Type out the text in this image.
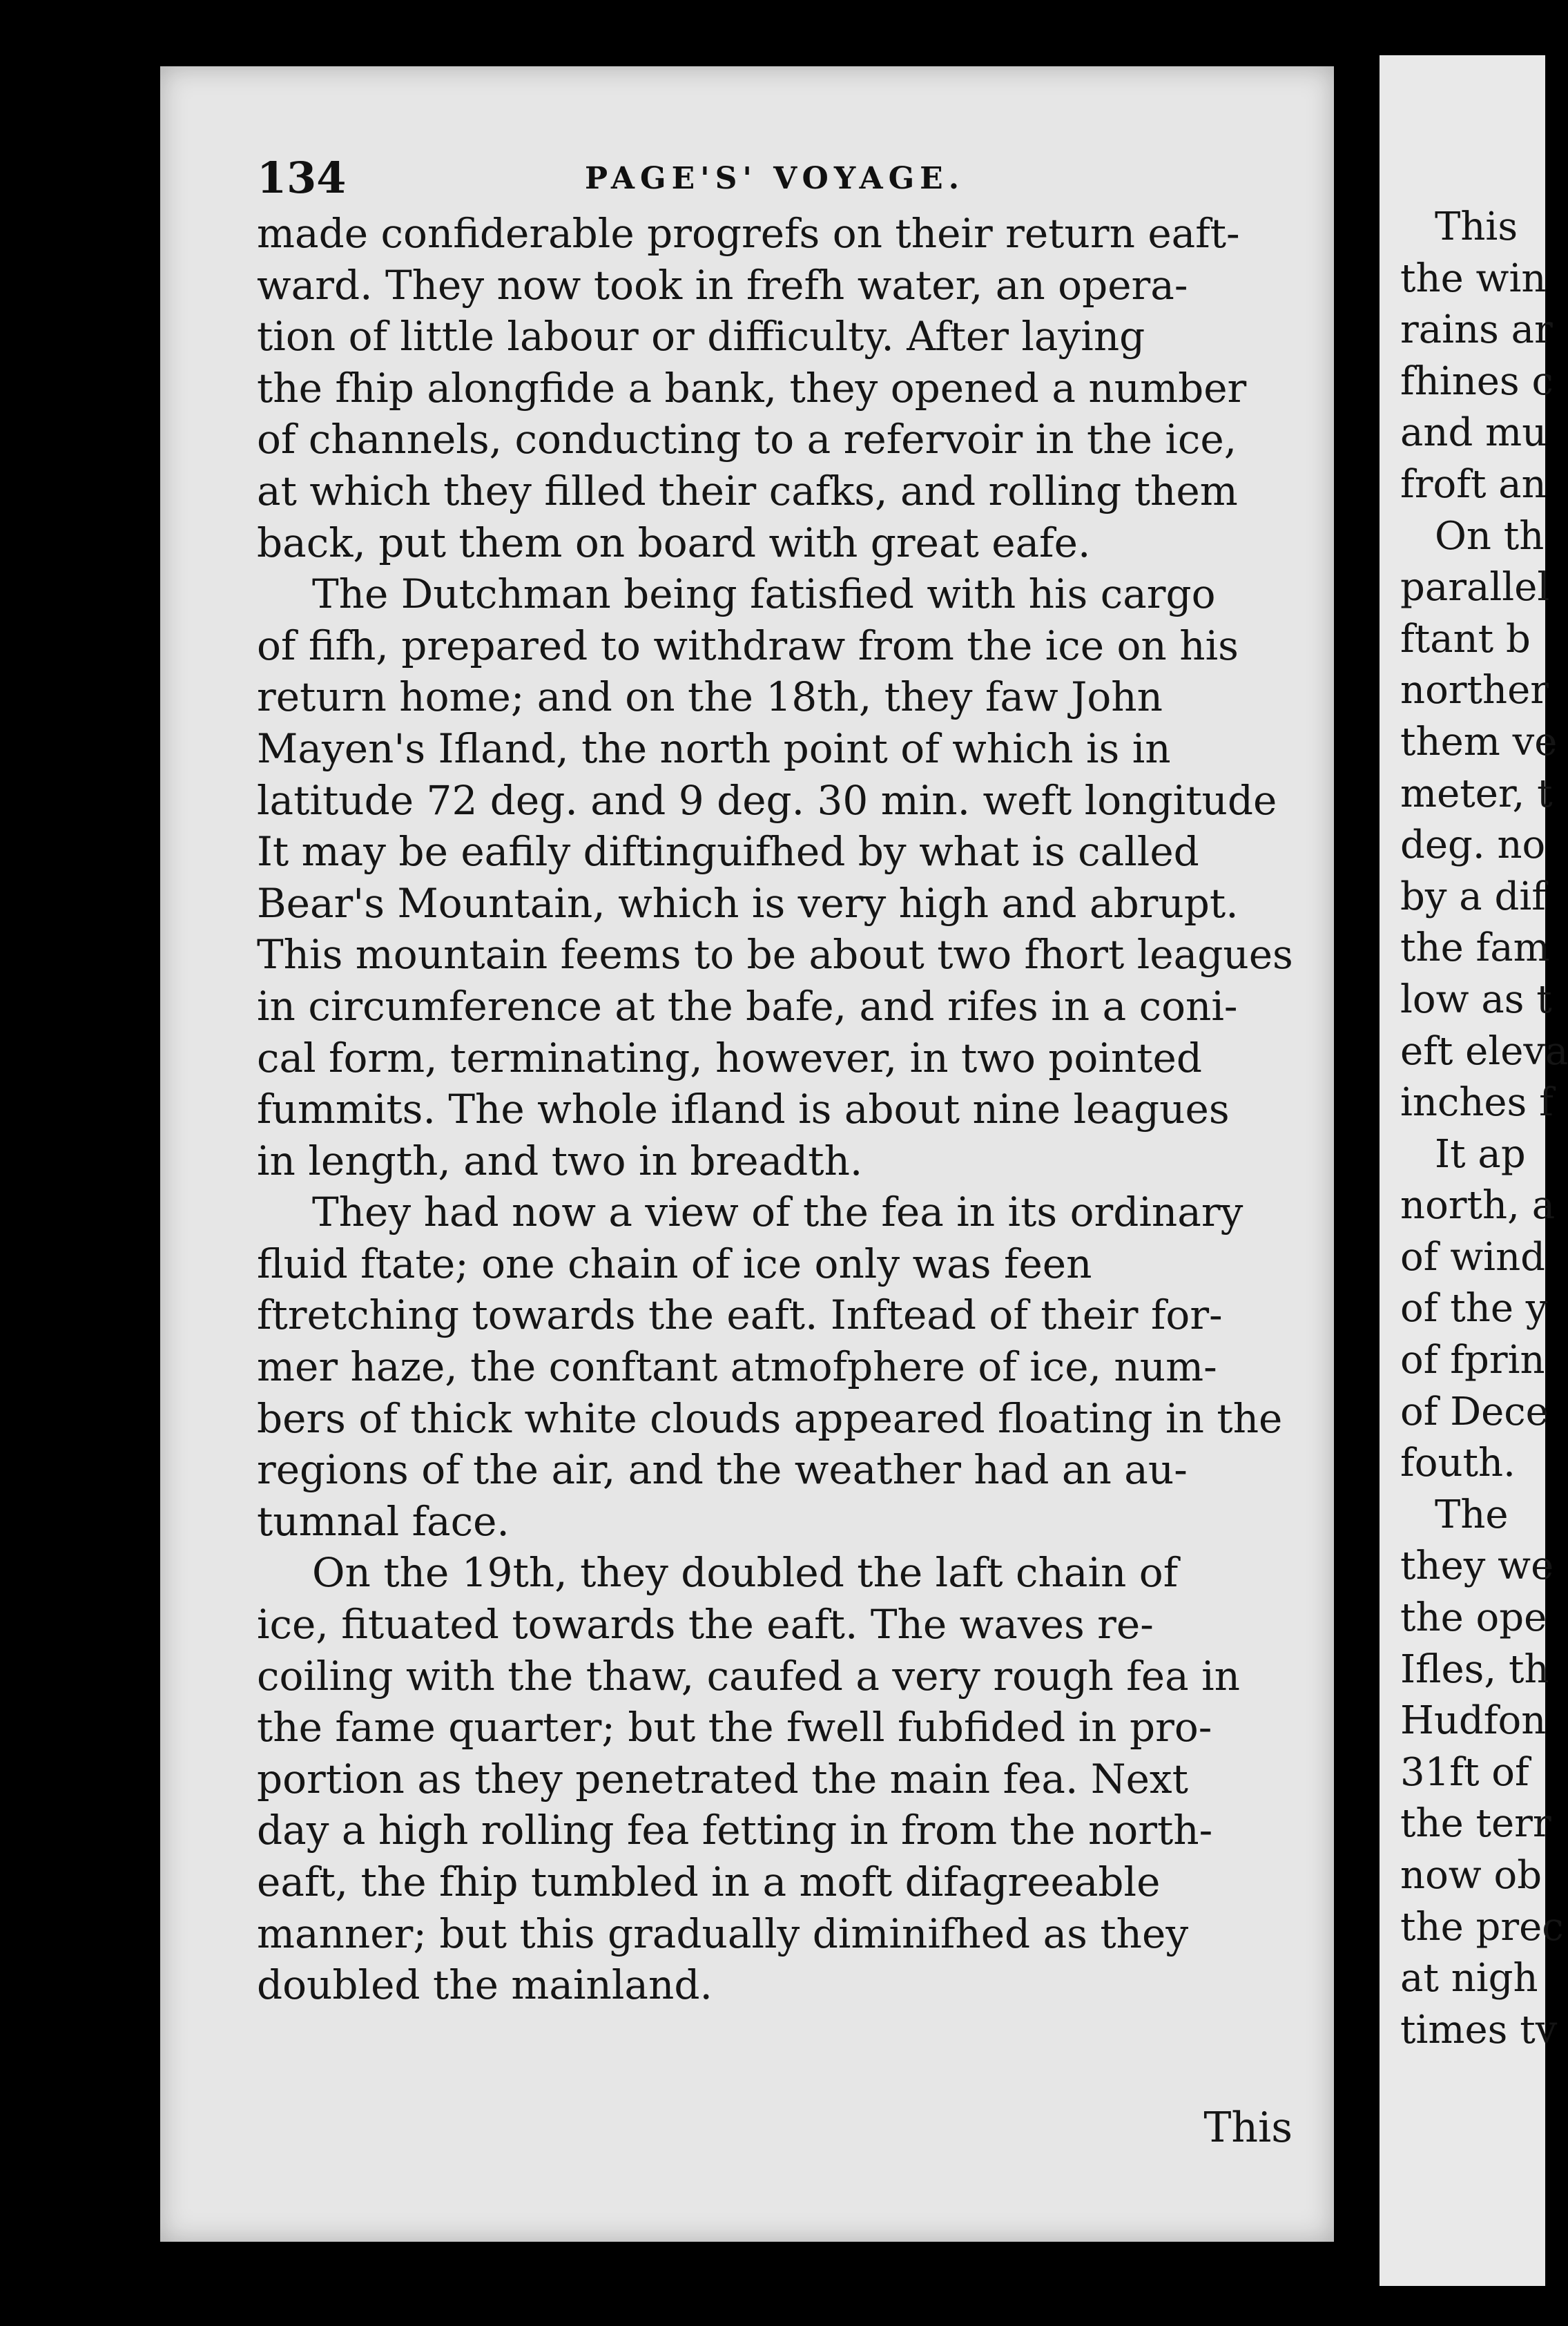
134	PAGE'S' VOYAGE.
made confiderable progrefs on their return eaft-
ward. They now took in frefh water, an opera-
tion of little labour or difficulty. After laying
the fhip alongfide a bank, they opened a number
of channels, conducting to a refervoir in the ice,
at which they filled their cafks, and rolling them
back, put them on board with great eafe.
The Dutchman being fatisfied with his cargo
of fifh, prepared to withdraw from the ice on his
return home; and on the 18th, they faw John
Mayen's Ifland, the north point of which is in
latitude 72 deg. and 9 deg. 30 min. weft longitude
It may be eafily diftinguifhed by what is called
Bear's Mountain, which is very high and abrupt.
This mountain feems to be about two fhort leagues
in circumference at the bafe, and rifes in a coni-
cal form, terminating, however, in two pointed
fummits. The whole ifland is about nine leagues
in length, and two in breadth.
They had now a view of the fea in its ordinary
fluid ftate; one chain of ice only was feen
ftretching towards the eaft. Inftead of their for-
mer haze, the conftant atmofphere of ice, num-
bers of thick white clouds appeared floating in the
regions of the air, and the weather had an au-
tumnal face.
On the 19th, they doubled the laft chain of
ice, fituated towards the eaft. The waves re-
coiling with the thaw, caufed a very rough fea in
the fame quarter; but the fwell fubfided in pro-
portion as they penetrated the main fea. Next
day a high rolling fea fetting in from the north-
eaft, the fhip tumbled in a moft difagreeable
manner; but this gradually diminifhed as they
doubled the mainland.
This
This
the win
rains ar
fhines c
and mu
froft an
On th
parallel
ftant b
norther
them ve
meter, t
deg. no
by a dif
the fam
low as t
eft eleva
inches f
It ap
north, a
of wind
of the y
of fprin
of Dece
fouth.
The
they we
the ope
Ifles, th
Hudfon
31ft of
the terr
now ob
the prec
at nigh
times tv
